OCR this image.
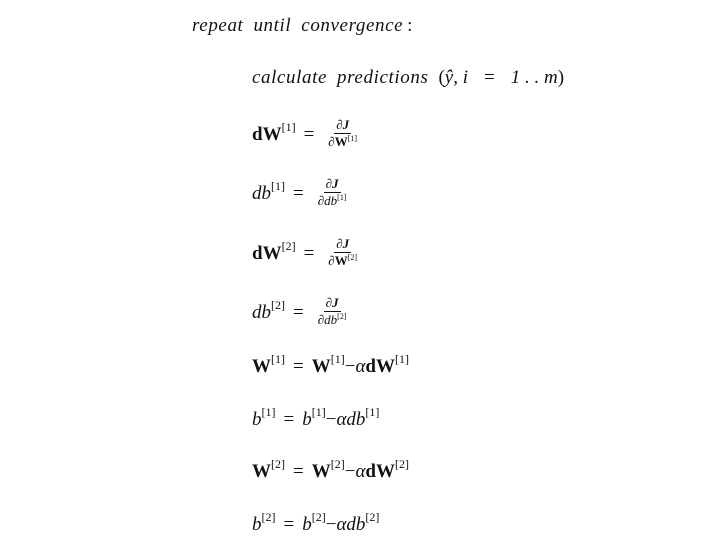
repeat until convergence :
calculate predictions (ŷ, i = 1 . . m)
$dW[1] = \frac{\partial J}{\partial W^{[1]}}$
$db[1] = \frac{\partial J}{\partial db^{[1]}}$
$dW[2] = \frac{\partial J}{\partial W^{[2]}}$
$db[2] = \frac{\partial J}{\partial db^{[2]}}$
W[1] = W[1]−αdW[1]
b[1] = b[1]−αdb[1]
W[2] = W[2]−αdW[2]
b[2] = b[2]−αdb[2]
